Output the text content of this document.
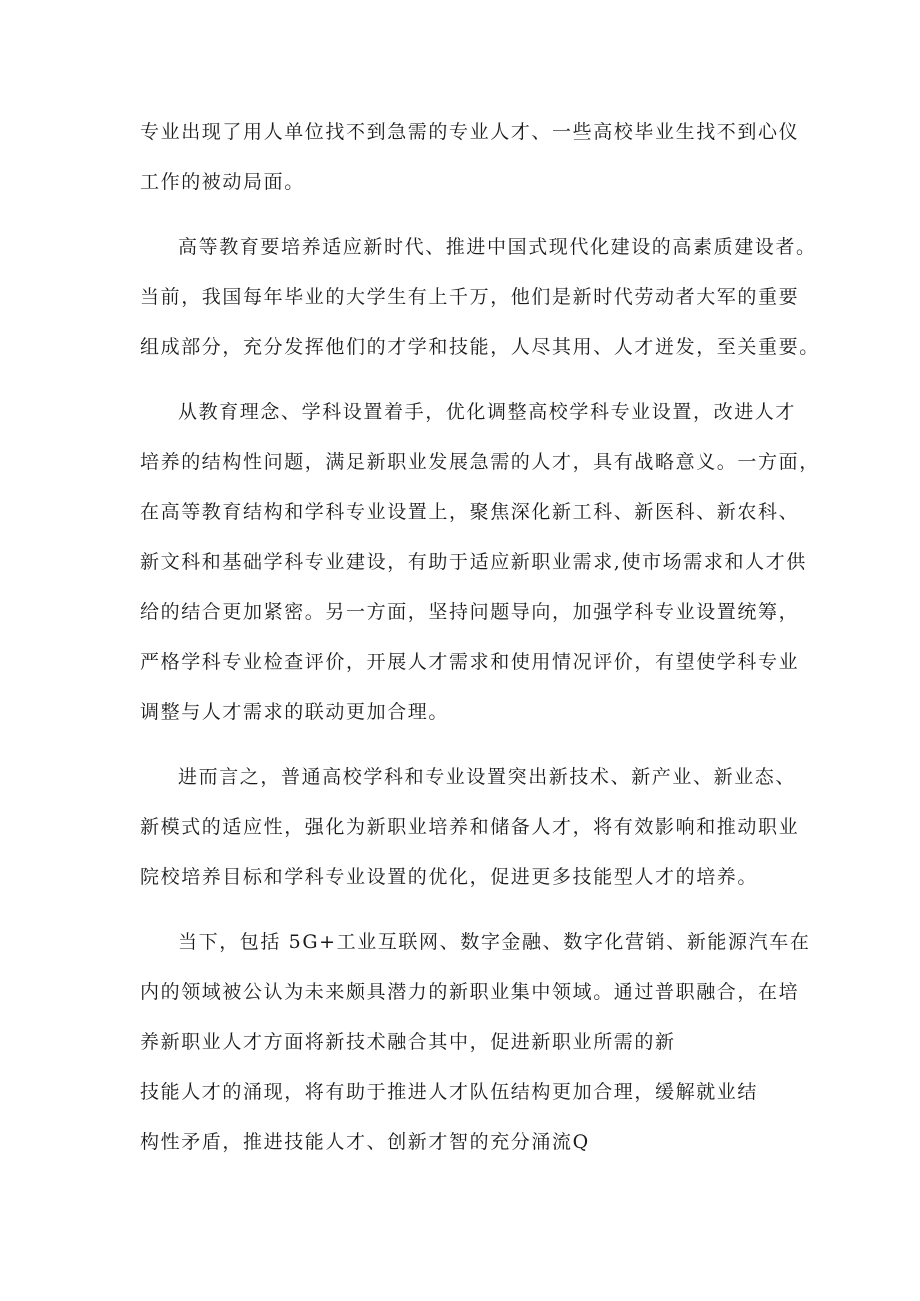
专业出现了用人单位找不到急需的专业人才、一些高校毕业生找不到心仪
工作的被动局面。
高等教育要培养适应新时代、推进中国式现代化建设的高素质建设者。
当前，我国每年毕业的大学生有上千万，他们是新时代劳动者大军的重要
组成部分，充分发挥他们的才学和技能，人尽其用、人才迸发，至关重要。
从教育理念、学科设置着手，优化调整高校学科专业设置，改进人才
培养的结构性问题，满足新职业发展急需的人才，具有战略意义。一方面，
在高等教育结构和学科专业设置上，聚焦深化新工科、新医科、新农科、
新文科和基础学科专业建设，有助于适应新职业需求,使市场需求和人才供
给的结合更加紧密。另一方面，坚持问题导向，加强学科专业设置统筹，
严格学科专业检查评价，开展人才需求和使用情况评价，有望使学科专业
调整与人才需求的联动更加合理。
进而言之，普通高校学科和专业设置突出新技术、新产业、新业态、
新模式的适应性，强化为新职业培养和储备人才，将有效影响和推动职业
院校培养目标和学科专业设置的优化，促进更多技能型人才的培养。
当下，包括 5G+工业互联网、数字金融、数字化营销、新能源汽车在
内的领域被公认为未来颇具潜力的新职业集中领域。通过普职融合，在培
养新职业人才方面将新技术融合其中，促进新职业所需的新
技能人才的涌现，将有助于推进人才队伍结构更加合理，缓解就业结
构性矛盾，推进技能人才、创新才智的充分涌流Q
